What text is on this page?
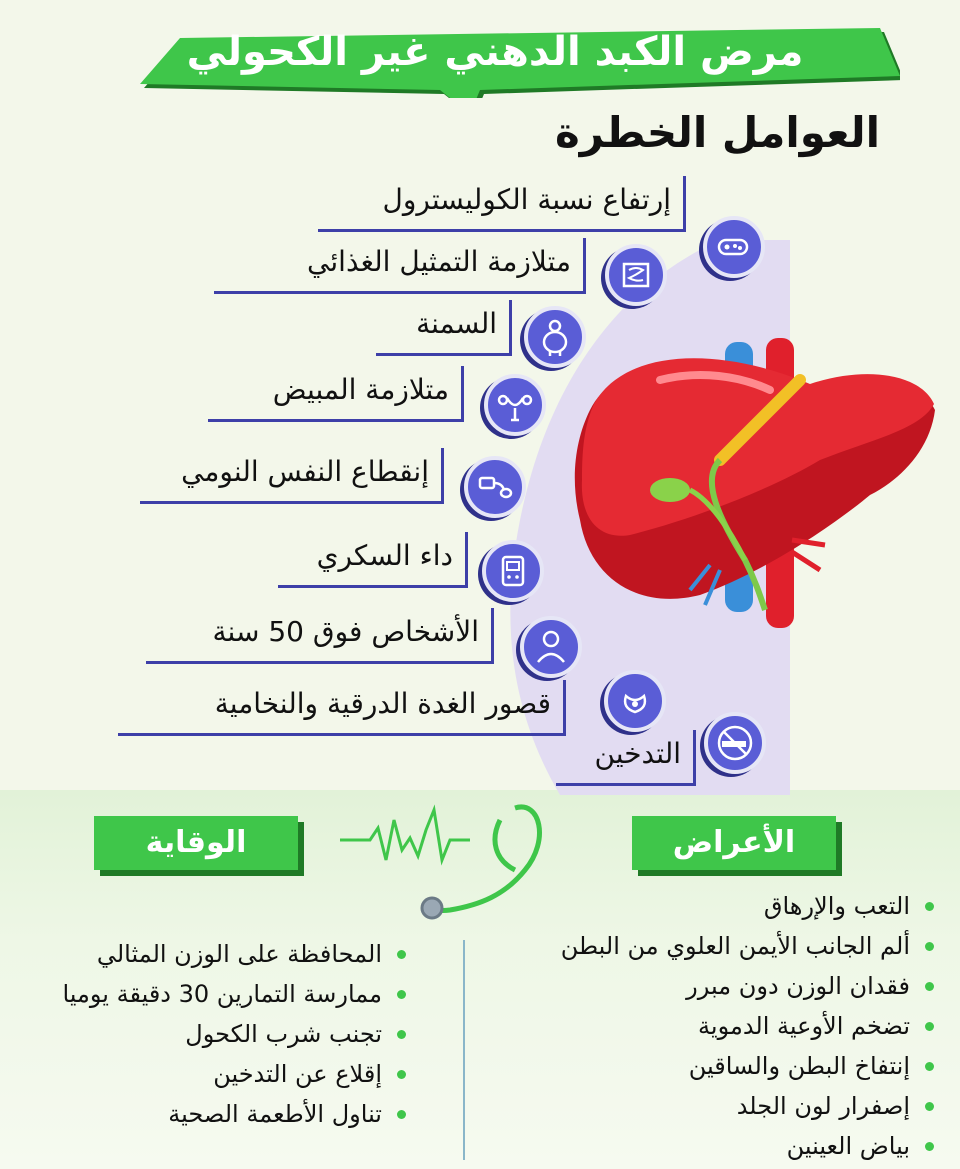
مرض الكبد الدهني غير الكحولي
العوامل الخطرة
إرتفاع نسبة الكوليسترول
متلازمة التمثيل الغذائي
السمنة
متلازمة المبيض
إنقطاع النفس النومي
داء السكري
الأشخاص فوق 50 سنة
قصور الغدة الدرقية والنخامية
التدخين
الأعراض
الوقاية
التعب والإرهاق
ألم الجانب الأيمن العلوي من البطن
فقدان الوزن دون مبرر
تضخم الأوعية الدموية
إنتفاخ البطن والساقين
إصفرار لون الجلد
بياض العينين
المحافظة على الوزن المثالي
ممارسة التمارين 30 دقيقة يوميا
تجنب شرب الكحول
إقلاع عن التدخين
تناول الأطعمة الصحية
